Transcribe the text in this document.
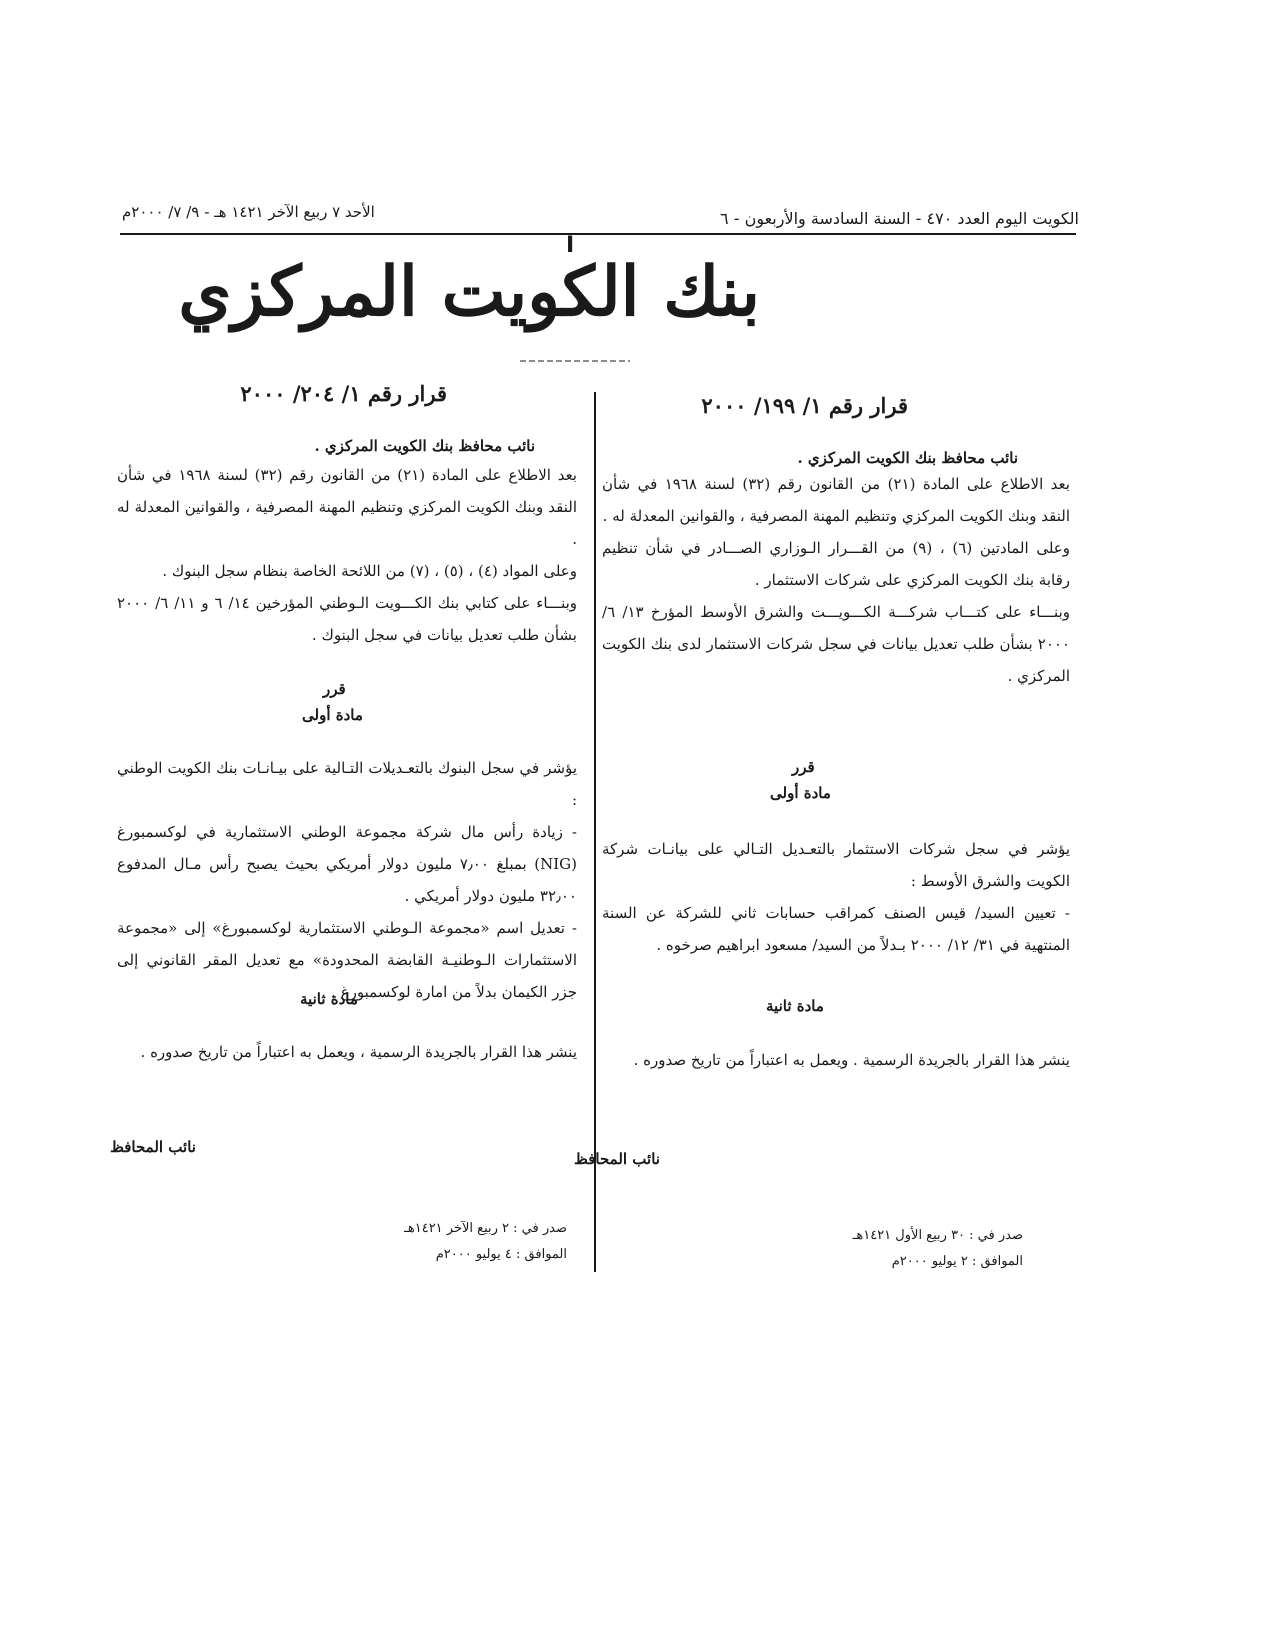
الكويت اليوم العدد ٤٧٠ - السنة السادسة والأربعون - ٦
الأحد ٧ ربيع الآخر ١٤٢١ هـ - ٩/ ٧/ ٢٠٠٠م
I
بنك الكويت المركزي
قرار رقم ١/ ١٩٩/ ٢٠٠٠
نائب محافظ بنك الكويت المركزي .

بعد الاطلاع على المادة (٢١) من القانون رقم (٣٢) لسنة ١٩٦٨ في شأن النقد وبنك الكويت المركزي وتنظيم المهنة المصرفية ، والقوانين المعدلة له .

وعلى المادتين (٦) ، (٩) من القـــرار الـوزاري الصـــادر في شأن تنظيم رقابة بنك الكويت المركزي على شركات الاستثمار .

وبنـــاء على كتـــاب شركـــة الكـــويـــت والشرق الأوسط المؤرخ ١٣/ ٦/ ٢٠٠٠ بشأن طلب تعديل بيانات في سجل شركات الاستثمار لدى بنك الكويت المركزي .

قرر
مادة أولى

يؤشر في سجل شركات الاستثمار بالتعـديل التـالي على بيانـات شركة الكويت والشرق الأوسط :

- تعيين السيد/ قيس الصنف كمراقب حسابات ثاني للشركة عن السنة المنتهية في ٣١/ ١٢/ ٢٠٠٠ بـدلاً من السيد/ مسعود ابراهيم صرخوه .

مادة ثانية
ينشر هذا القرار بالجريدة الرسمية . ويعمل به اعتباراً من تاريخ صدوره .
نائب المحافظ
صدر في : ٣٠ ربيع الأول ١٤٢١هـ
الموافق : ٢ يوليو ٢٠٠٠م
قرار رقم ١/ ٢٠٤/ ٢٠٠٠
نائب محافظ بنك الكويت المركزي .

بعد الاطلاع على المادة (٢١) من القانون رقم (٣٢) لسنة ١٩٦٨ في شأن النقد وبنك الكويت المركزي وتنظيم المهنة المصرفية ، والقوانين المعدلة له .

وعلى المواد (٤) ، (٥) ، (٧) من اللائحة الخاصة بنظام سجل البنوك .

وبنـــاء على كتابي بنك الكـــويت الـوطني المؤرخين ١٤/ ٦ و ١١/ ٦/ ٢٠٠٠ بشأن طلب تعديل بيانات في سجل البنوك .

قرر
مادة أولى

يؤشر في سجل البنوك بالتعـديلات التـالية على بيـانـات بنك الكويت الوطني :

- زيادة رأس مال شركة مجموعة الوطني الاستثمارية في لوكسمبورغ (NIG) بمبلغ ٧٫٠٠ مليون دولار أمريكي بحيث يصبح رأس مـال المدفوع ٣٢٫٠٠ مليون دولار أمريكي .

- تعديل اسم «مجموعة الـوطني الاستثمارية لوكسمبورغ» إلى «مجموعة الاستثمارات الـوطنيـة القابضة المحدودة» مع تعديل المقر القانوني إلى جزر الكيمان بدلاً من امارة لوكسمبورغ .

مادة ثانية
ينشر هذا القرار بالجريدة الرسمية ، ويعمل به اعتباراً من تاريخ صدوره .
نائب المحافظ
صدر في : ٢ ربيع الآخر ١٤٢١هـ
الموافق : ٤ يوليو ٢٠٠٠م
